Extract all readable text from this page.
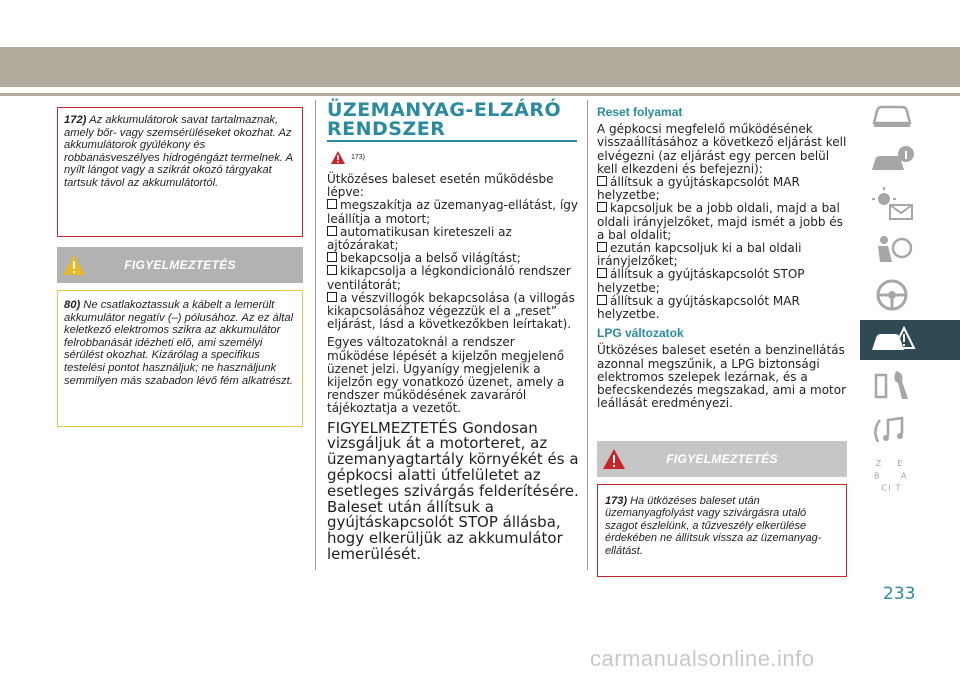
172) Az akkumulátorok savat tartalmaznak, amely bőr- vagy szemsérüléseket okozhat. Az akkumulátorok gyúlékony és robbanásveszélyes hidrogéngázt termelnek. A nyílt lángot vagy a szikrát okozó tárgyakat tartsuk távol az akkumulátortól.
FIGYELMEZTETÉS
80) Ne csatlakoztassuk a kábelt a lemerült akkumulátor negatív (–) pólusához. Az ez által keletkező elektromos szikra az akkumulátor felrobbanását idézheti elő, ami személyi sérülést okozhat. Kizárólag a specifikus testelési pontot használjuk; ne használjunk semmilyen más szabadon lévő fém alkatrészt.
ÜZEMANYAG-ELZÁRÓ
RENDSZER
173)

Ütközéses baleset esetén működésbe lépve:
megszakítja az üzemanyag-ellátást, így leállítja a motort;
automatikusan kireteszeli az ajtózárakat;
bekapcsolja a belső világítást;
kikapcsolja a légkondicionáló rendszer ventilátorát;
a vészvillogók bekapcsolása (a villogás kikapcsolásához végezzük el a „reset” eljárást, lásd a következőkben leírtakat).

Egyes változatoknál a rendszer működése lépését a kijelzőn megjelenő üzenet jelzi. Ugyanígy megjelenik a kijelzőn egy vonatkozó üzenet, amely a rendszer működésének zavaráról tájékoztatja a vezetőt.

FIGYELMEZTETÉS Gondosan vizsgáljuk át a motorteret, az üzemanyagtartály környékét és a gépkocsi alatti útfelületet az esetleges szivárgás felderítésére. Baleset után állítsuk a gyújtáskapcsolót STOP állásba, hogy elkerüljük az akkumulátor lemerülését.

Reset folyamat

A gépkocsi megfelelő működésének visszaállításához a következő eljárást kell elvégezni (az eljárást egy percen belül kell elkezdeni és befejezni):
állítsuk a gyújtáskapcsolót MAR helyzetbe;
kapcsoljuk be a jobb oldali, majd a bal oldali irányjelzőket, majd ismét a jobb és a bal oldalit;
ezután kapcsoljuk ki a bal oldali irányjelzőket;
állítsuk a gyújtáskapcsolót STOP helyzetbe;
állítsuk a gyújtáskapcsolót MAR helyzetbe.

LPG változatok

Ütközéses baleset esetén a benzinellátás azonnal megszűnik, a LPG biztonsági elektromos szelepek lezárnak, és a befecskendezés megszakad, ami a motor leállását eredményezi.

FIGYELMEZTETÉS
173) Ha ütközéses baleset után üzemanyagfolyást vagy szivárgásra utaló szagot észlelünk, a tűzveszély elkerülése érdekében ne állítsuk vissza az üzemanyag-ellátást.
Z E
B A
C I T
233
carmanualsonline.info
